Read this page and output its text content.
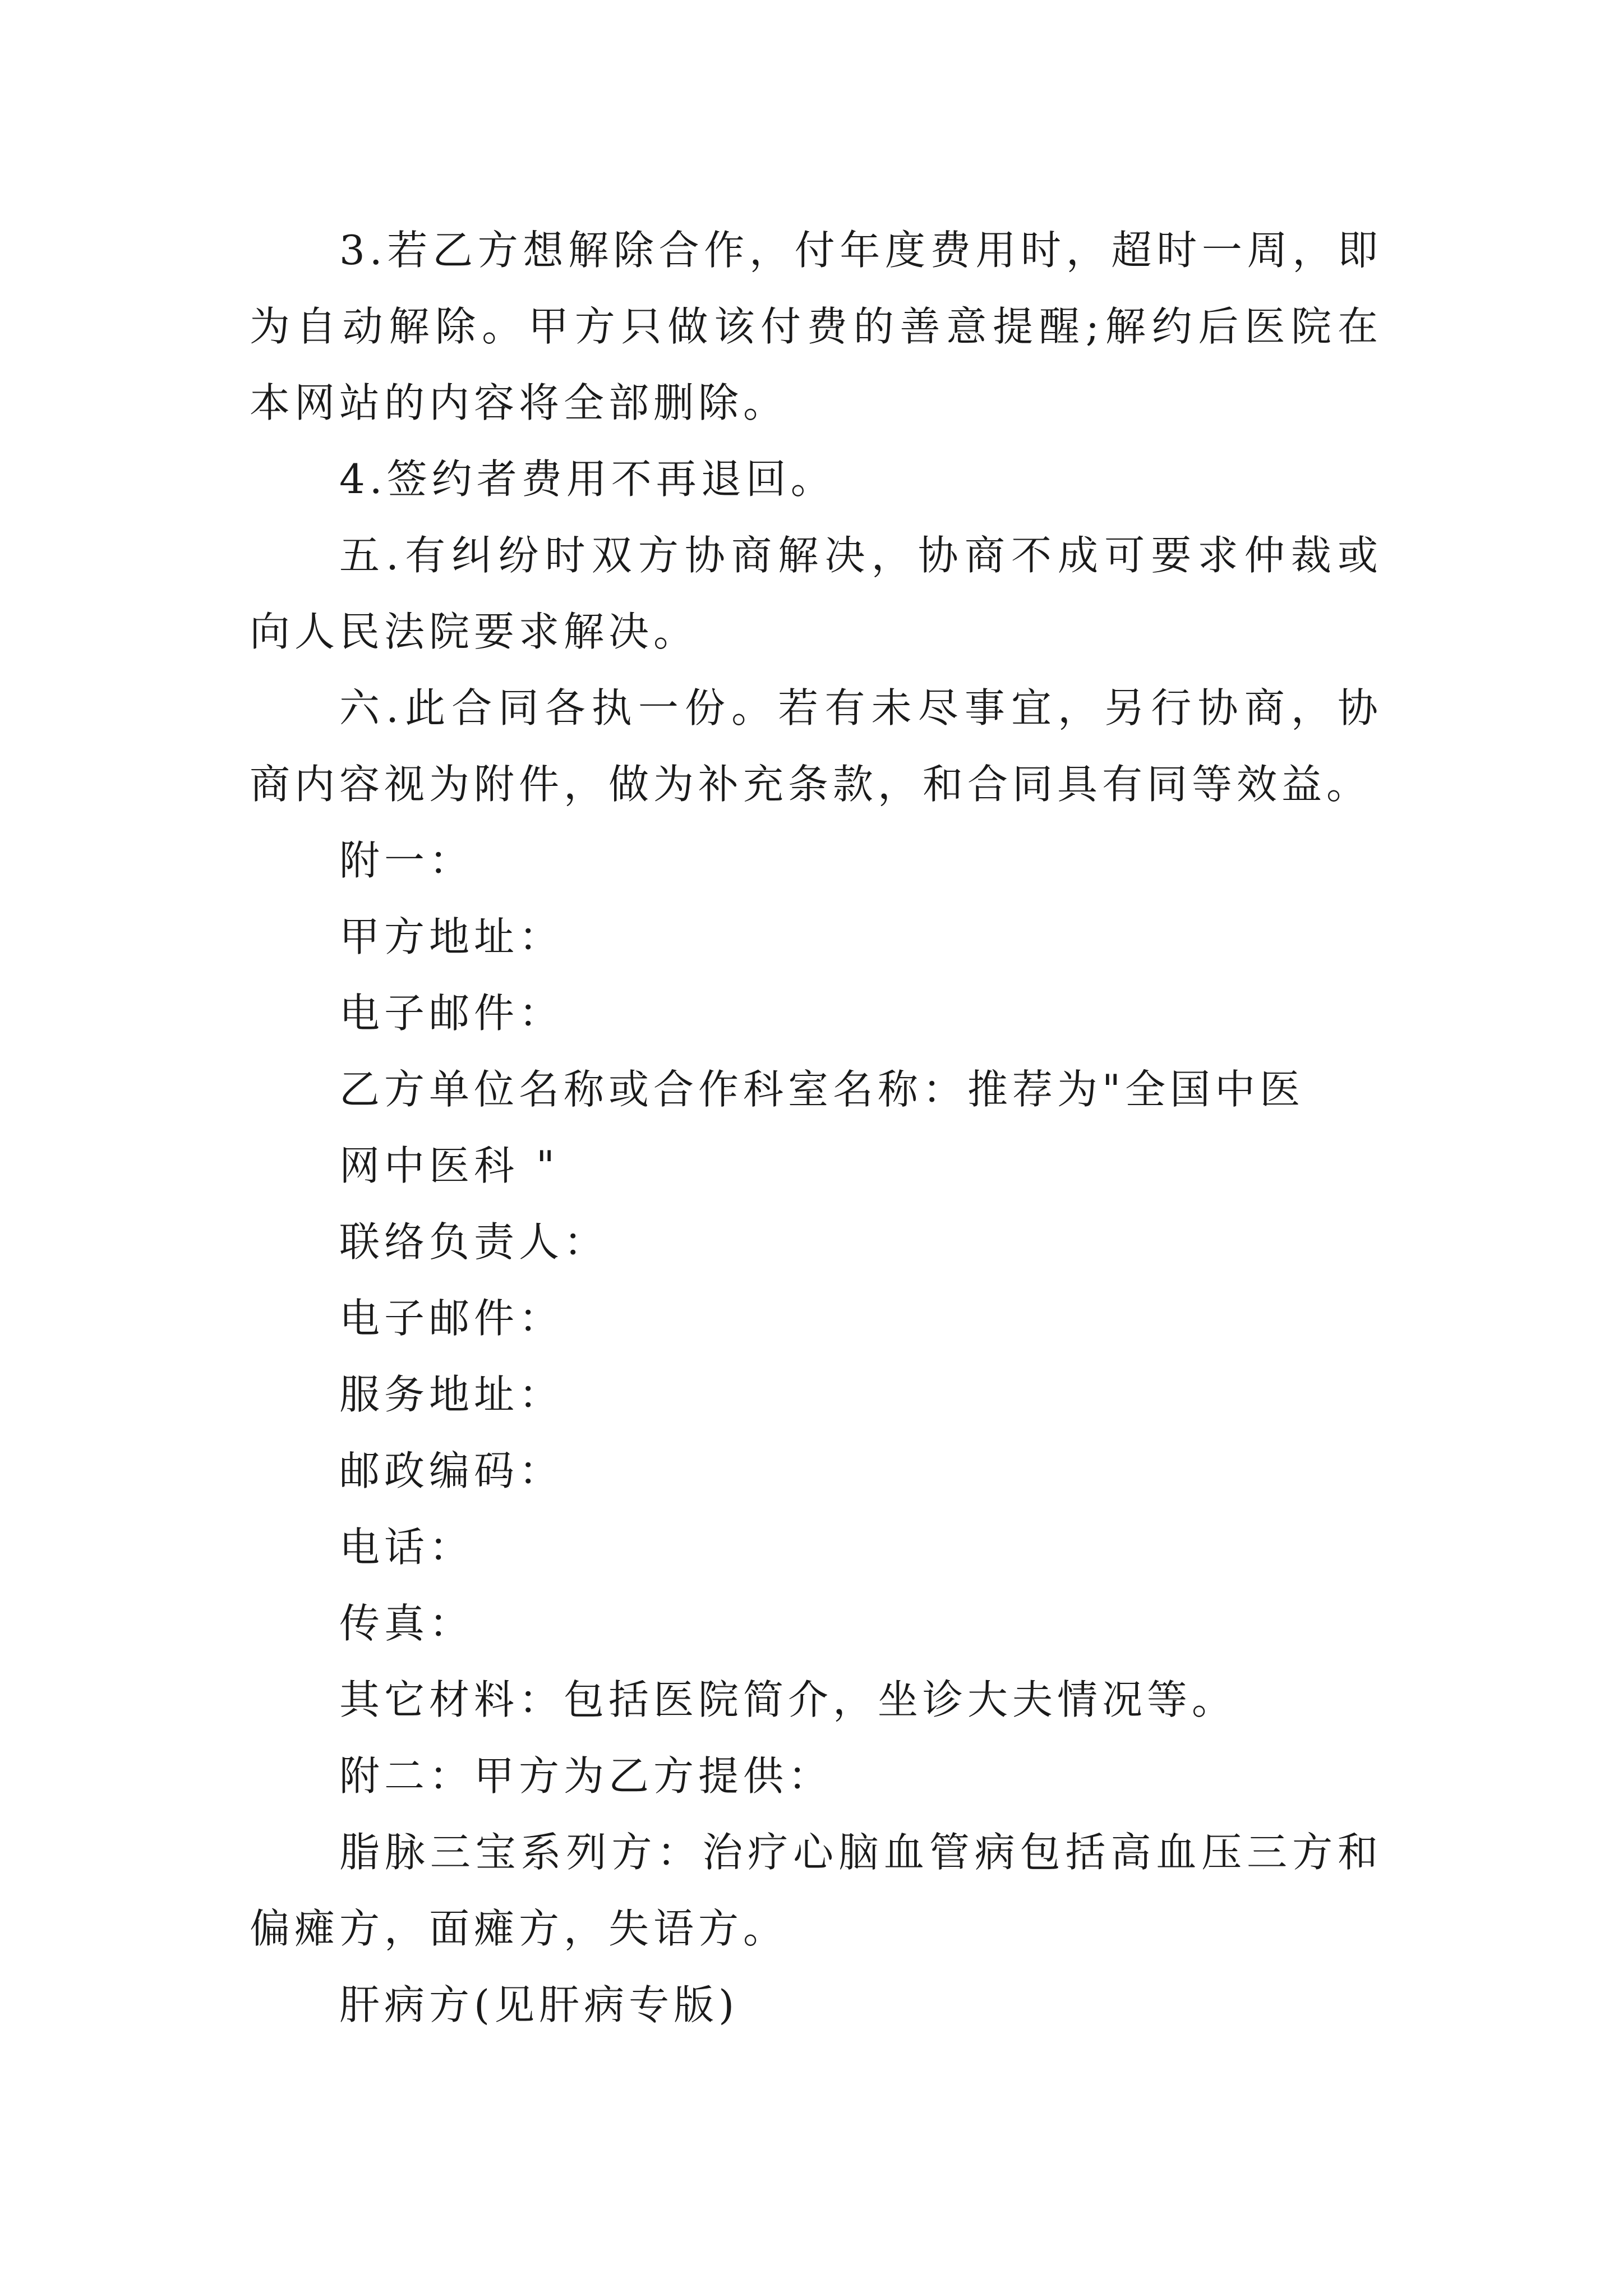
3.若乙方想解除合作，付年度费用时，超时一周，即为自动解除。甲方只做该付费的善意提醒;解约后医院在本网站的内容将全部删除。

4.签约者费用不再退回。

五.有纠纷时双方协商解决，协商不成可要求仲裁或向人民法院要求解决。

六.此合同各执一份。若有未尽事宜，另行协商，协商内容视为附件，做为补充条款，和合同具有同等效益。

附一：

甲方地址：

电子邮件：

乙方单位名称或合作科室名称：推荐为"全国中医

网中医科 "

联络负责人：

电子邮件：

服务地址：

邮政编码：

电话：

传真：

其它材料：包括医院简介，坐诊大夫情况等。

附二：甲方为乙方提供：

脂脉三宝系列方：治疗心脑血管病包括高血压三方和偏瘫方，面瘫方，失语方。

肝病方(见肝病专版)
